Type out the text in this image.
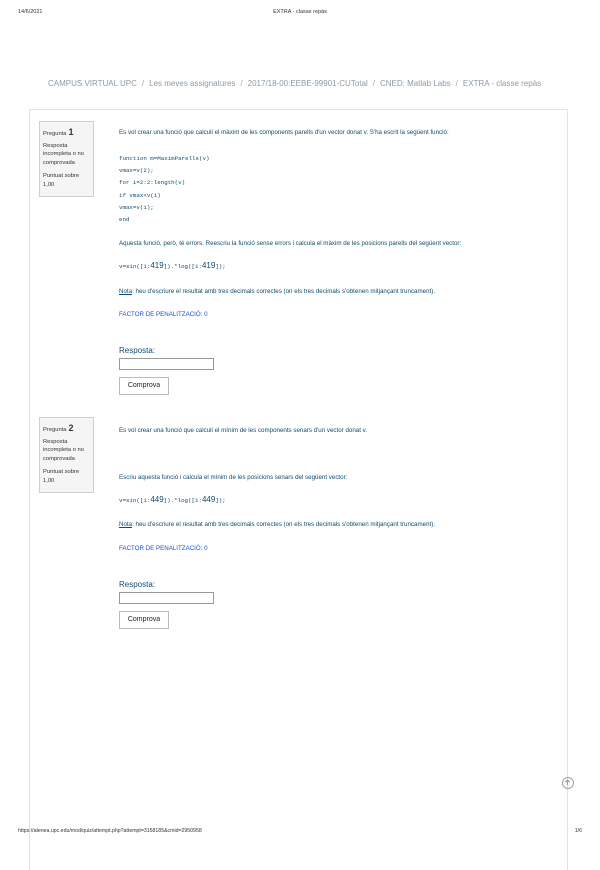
14/6/2021	EXTRA - classe repàs
CAMPUS VIRTUAL UPC / Les meves assignatures / 2017/18-00:EEBE-99901-CUTotal / CNED: Matlab Labs / EXTRA - classe repàs
Pregunta 1
Resposta incompleta o no comprovada
Puntuat sobre 1,00

Es vol crear una funció que calculi el màxim de les components parells d'un vector donat v. S'ha escrit la següent funció:

function m=MaximParells(v)
vmax=v(2);
for i=2:2:length(v)
if vmax<v(i)
vmax=v(i);
end
Aquesta funció, però, té errors. Reescriu la funció sense errors i calcula el màxim de les posicions parells del següent vector:
v=sin([1:419]).*log([1:419]);
Nota: heu d'escriure el resultat amb tres decimals correctes (on els tres decimals s'obtenen mitjançant truncament).
FACTOR DE PENALITZACIÓ: 0
Resposta:
Comprova
Pregunta 2
Resposta incompleta o no comprovada
Puntuat sobre 1,00
Es vol crear una funció que calculi el mínim de les components senars d'un vector donat v.
Escriu aquesta funció i calcula el mínim de les posicions senars del següent vector:
v=sin([1:449]).*log([1:449]);
Nota: heu d'escriure el resultat amb tres decimals correctes (on els tres decimals s'obtenen mitjançant truncament).
FACTOR DE PENALITZACIÓ: 0
Resposta:
Comprova
https://atenea.upc.edu/mod/quiz/attempt.php?attempt=3158185&cmid=2950958	1/6
